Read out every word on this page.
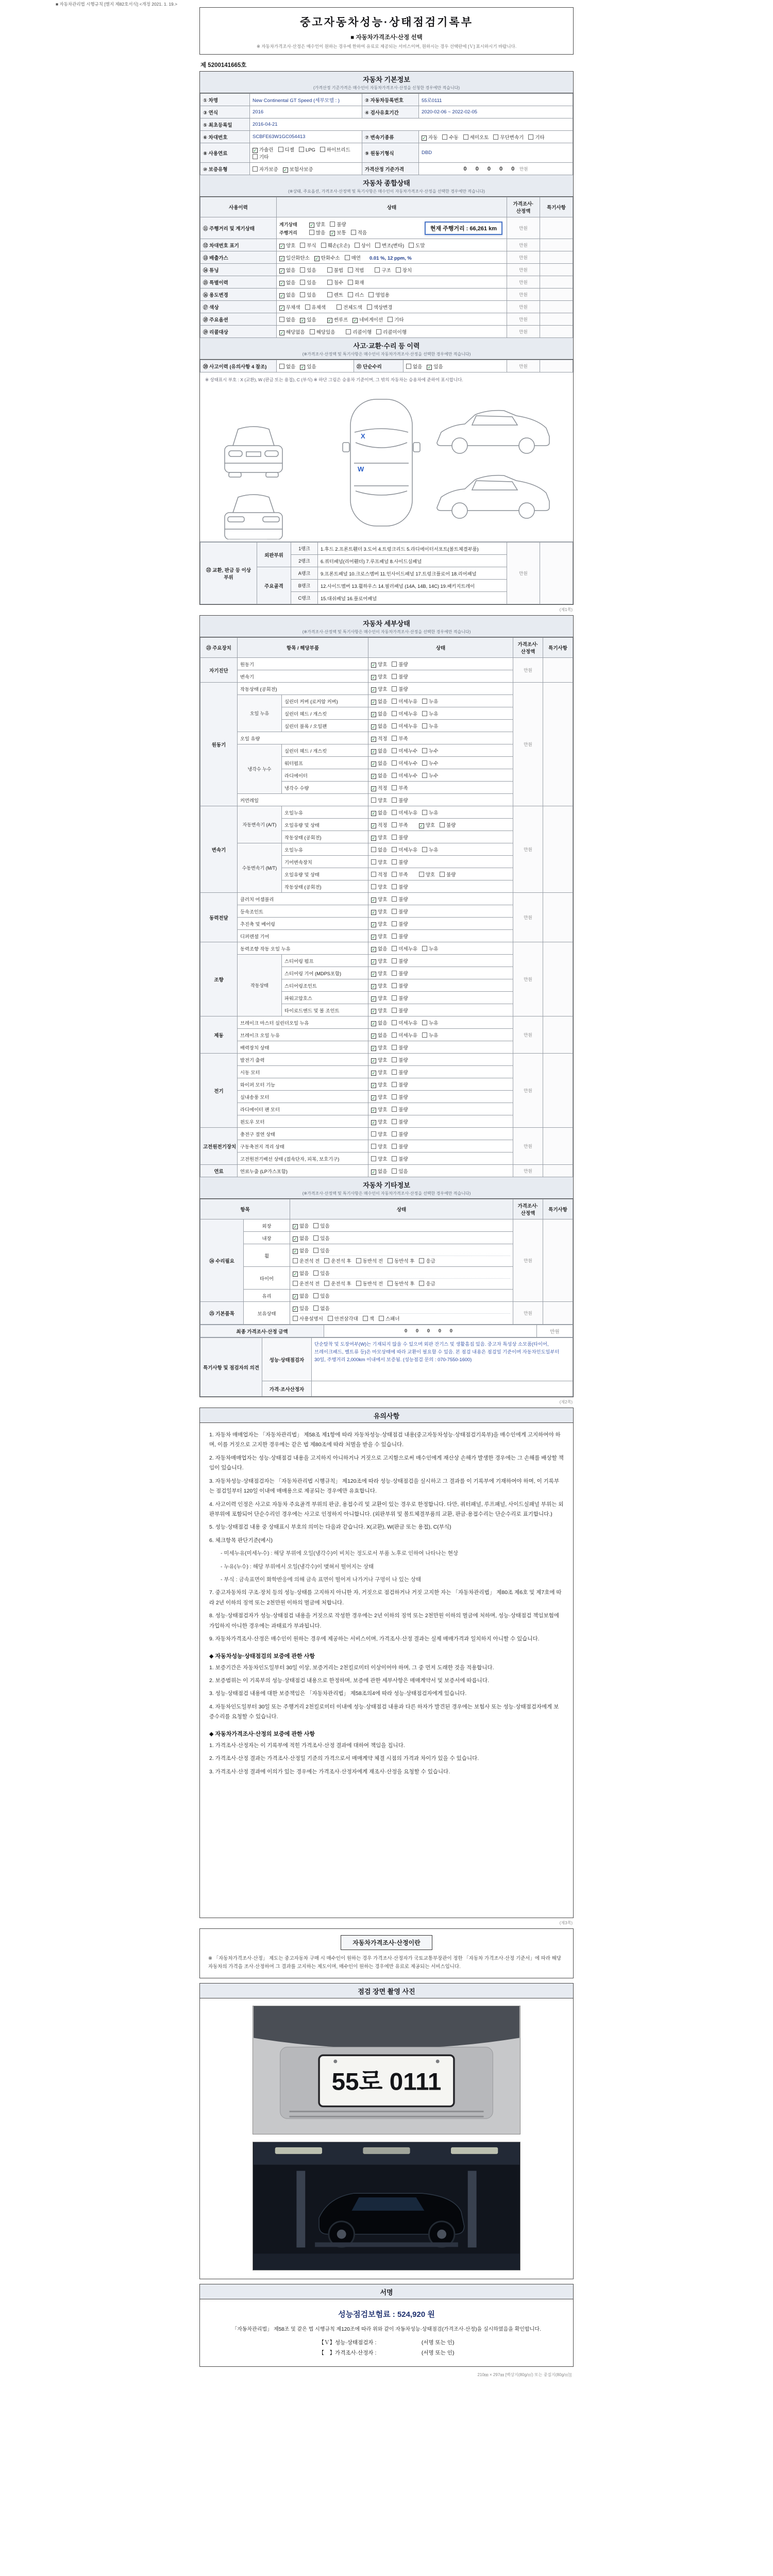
■ 자동차관리법 시행규칙 [별지 제82호서식] <개정 2021. 1. 19.>
중고자동차성능·상태점검기록부
■ 자동차가격조사·산정 선택
※ 자동차가격조사·산정은 매수인이 원하는 경우에 한하여 유료로 제공되는 서비스이며, 원하시는 경우 선택란에 [Ｖ] 표시하시기 바랍니다.
제 5200141665호
자동차 기본정보
(가격산정 기준가격은 매수인이 자동차가격조사·산정을 신청한 경우에만 적습니다)
① 차명	New Continental GT Speed (세부모델 : )	② 자동차등록번호	55로0111
③ 연식	2016	④ 검사유효기간	2020-02-06 ~ 2022-02-05
⑤ 최초등록일	2016-04-21		
⑥ 차대번호	SCBFE63W1GC054413	⑦ 변속기종류	✓ 자동 수동 세미오토 무단변속기 기타
⑧ 사용연료	✓ 가솔린 디젤 LPG 하이브리드기타	⑨ 원동기형식	DBD
⑩ 보증유형	자가보증 ✓ 보험사보증	가격산정 기준가격	0 0 0 0 0 만원
자동차 종합상태
(※상태, 주요옵션, 가격조사·산정액 및 특기사항은 매수인이 자동차가격조사·산정을 선택한 경우에만 적습니다)
사용이력	상태	가격조사·산정액	특기사항
⑪ 주행거리 및 계기상태	계기상태 ✓ 양호 불량
주행거리 많음 ✓ 보통 적음
현재 주행거리 : 66,261 km	만원	
⑫ 차대번호 표기	✓ 양호 부식 훼손(오손) 상이 변조(변타) 도말	만원	
⑬ 배출가스	✓ 일산화탄소 ✓ 탄화수소 매연 0.01 %, 12 ppm, %	만원	
⑭ 튜닝	✓ 없음 있음 불법 적법 구조 장치	만원	
⑮ 특별이력	✓ 없음 있음 침수 화재	만원	
⑯ 용도변경	✓ 없음 있음 렌트 리스 영업용	만원	
⑰ 색상	✓ 무채색 유채색 전체도색 색상변경	만원	
⑱ 주요옵션	없음 ✓ 있음 ✓ 썬루프 ✓ 네비게이션 기타	만원	
⑲ 리콜대상	✓ 해당없음 해당있음 리콜이행 리콜미이행	만원	
사고·교환·수리 등 이력
(※가격조사·산정액 및 특기사항은 매수인이 자동차가격조사·산정을 선택한 경우에만 적습니다)
⑳ 사고이력 (유의사항 4 참조)	없음 ✓ 있음	㉑ 단순수리	없음 ✓ 있음	만원	
※ 상태표시 부호 : X (교환), W (판금 또는 용접), C (부식) ※ 하단 그림은 승용차 기준이며, 그 밖의 자동차는 승용차에 준하여 표시합니다.
X
W
㉒ 교환, 판금 등 이상 부위	외판부위	1랭크	1.후드 2.프론트휀더 3.도어 4.트렁크리드 5.라디에이터서포트(볼트체결부품)	만원	
		2랭크	6.쿼터패널(리어휀더) 7.루프패널 8.사이드실패널		
	주요골격	A랭크	9.프론트패널 10.크로스멤버 11.인사이드패널 17.트렁크플로어 18.리어패널		
		B랭크	12.사이드멤버 13.휠하우스 14.필러패널 (14A, 14B, 14C) 19.패키지트레이		
		C랭크	15.대쉬패널 16.플로어패널		
(제1쪽)
자동차 세부상태
(※가격조사·산정액 및 특기사항은 매수인이 자동차가격조사·산정을 선택한 경우에만 적습니다)
㉓ 주요장치	항목 / 해당부품		상태	가격조사·산정액	특기사항
자기진단	원동기		✓ 양호 불량	만원	
	변속기		✓ 양호 불량		
원동기	작동상태 (공회전)		✓ 양호 불량	만원	
	오일 누유	실린더 커버 (로커암 커버)	✓ 없음 미세누유 누유		
		실린더 헤드 / 개스킷	✓ 없음 미세누유 누유		
		실린더 블록 / 오일팬	✓ 없음 미세누유 누유		
	오일 유량		✓ 적정 부족		
	냉각수 누수	실린더 헤드 / 개스킷	✓ 없음 미세누수 누수		
		워터펌프	✓ 없음 미세누수 누수		
		라디에이터	✓ 없음 미세누수 누수		
		냉각수 수량	✓ 적정 부족		
	커먼레일		양호 불량		
변속기	자동변속기 (A/T)	오일누유	✓ 없음 미세누유 누유	만원	
		오일유량 및 상태	✓ 적정 부족 ✓ 양호 불량		
		작동상태 (공회전)	✓ 양호 불량		
	수동변속기 (M/T)	오일누유	없음 미세누유 누유		
		기어변속장치	양호 불량		
		오일유량 및 상태	적정 부족 양호 불량		
		작동상태 (공회전)	양호 불량		
동력전달	클러치 어셈블리		✓ 양호 불량	만원	
	등속조인트		✓ 양호 불량		
	추진축 및 베어링		✓ 양호 불량		
	디퍼렌셜 기어		✓ 양호 불량		
조향	동력조향 작동 오일 누유		✓ 없음 미세누유 누유	만원	
	작동상태	스티어링 펌프	✓ 양호 불량		
		스티어링 기어 (MDPS포함)	✓ 양호 불량		
		스티어링조인트	✓ 양호 불량		
		파워고압호스	✓ 양호 불량		
		타이로드엔드 및 볼 조인트	✓ 양호 불량		
제동	브레이크 마스터 실린더오일 누유		✓ 없음 미세누유 누유	만원	
	브레이크 오일 누유		✓ 없음 미세누유 누유		
	배력장치 상태		✓ 양호 불량		
전기	발전기 출력		✓ 양호 불량	만원	
	시동 모터		✓ 양호 불량		
	와이퍼 모터 기능		✓ 양호 불량		
	실내송풍 모터		✓ 양호 불량		
	라디에이터 팬 모터		✓ 양호 불량		
	윈도우 모터		✓ 양호 불량		
고전원전기장치	충전구 절연 상태		양호 불량	만원	
	구동축전지 격리 상태		양호 불량		
	고전원전기배선 상태 (접속단자, 피복, 보호기구)		양호 불량		
연료	연료누출 (LP가스포함)		✓ 없음 있음	만원	
자동차 기타정보
(※가격조사·산정액 및 특기사항은 매수인이 자동차가격조사·산정을 선택한 경우에만 적습니다)
항목		상태	가격조사·산정액	특기사항
㉔ 수리필요	외장	✓ 없음 있음	만원	
	내장	✓ 없음 있음		
	휠	✓ 없음 있음
운전석 전 운전석 후 동반석 전 동반석 후 응급		

	타이어	✓ 없음 있음
운전석 전 운전석 후 동반석 전 동반석 후 응급		

	유리	✓ 없음 있음		
㉕ 기본품목	보유상태	✓ 있음 없음
사용설명서 안전삼각대 잭 스패너	만원	
최종 가격조사·산정 금액	0 0 0 0 0	만원
특기사항 및 점검자의 의견	성능·상태점검자	단순탈착 및 도장여부(W)는 기재되지 않을 수 있으며 외판 잔기스 및 생활흠집 있음. 중고차 특성상 소모품(타이어, 브레이크패드, 벨트류 등)은 마모상태에 따라 교환이 필요할 수 있음. 본 점검 내용은 점검일 기준이며 자동차인도일부터 30일, 주행거리 2,000km 이내에서 보증됨. (성능점검 문의 : 070-7550-1600)
	가격·조사산정자	
(제2쪽)
유의사항
1. 자동차 매매업자는 「자동차관리법」 제58조 제1항에 따라 자동차성능·상태점검 내용(중고자동차성능·상태점검기록부)을 매수인에게 고지하여야 하며, 이를 거짓으로 고지한 경우에는 같은 법 제80조에 따라 처벌을 받을 수 있습니다.
2. 자동차매매업자는 성능·상태점검 내용을 고지하지 아니하거나 거짓으로 고지함으로써 매수인에게 재산상 손해가 발생한 경우에는 그 손해를 배상할 책임이 있습니다.
3. 자동차성능·상태점검자는 「자동차관리법 시행규칙」 제120조에 따라 성능·상태점검을 실시하고 그 결과를 이 기록부에 기재하여야 하며, 이 기록부는 점검일부터 120일 이내에 매매용으로 제공되는 경우에만 유효합니다.
4. 사고이력 인정은 사고로 자동차 주요골격 부위의 판금, 용접수리 및 교환이 있는 경우로 한정합니다. 다만, 쿼터패널, 루프패널, 사이드실패널 부위는 외판부위에 포함되어 단순수리인 경우에는 사고로 인정하지 아니합니다. (외판부위 및 볼트체결부품의 교환, 판금·용접수리는 단순수리로 표기합니다.)
5. 성능·상태점검 내용 중 상태표시 부호의 의미는 다음과 같습니다. X(교환), W(판금 또는 용접), C(부식)
6. 체크항목 판단기준(예시)
- 미세누유(미세누수) : 해당 부위에 오일(냉각수)이 비치는 정도로서 부품 노후로 인하여 나타나는 현상
- 누유(누수) : 해당 부위에서 오일(냉각수)이 맺혀서 떨어지는 상태
- 부식 : 금속표면이 화학반응에 의해 금속 표면이 떨어져 나가거나 구멍이 나 있는 상태
7. 중고자동차의 구조·장치 등의 성능·상태를 고지하지 아니한 자, 거짓으로 점검하거나 거짓 고지한 자는 「자동차관리법」 제80조 제6호 및 제7호에 따라 2년 이하의 징역 또는 2천만원 이하의 벌금에 처합니다.
8. 성능·상태점검자가 성능·상태점검 내용을 거짓으로 작성한 경우에는 2년 이하의 징역 또는 2천만원 이하의 벌금에 처하며, 성능·상태점검 책임보험에 가입하지 아니한 경우에는 과태료가 부과됩니다.
9. 자동차가격조사·산정은 매수인이 원하는 경우에 제공하는 서비스이며, 가격조사·산정 결과는 실제 매매가격과 일치하지 아니할 수 있습니다.
◆ 자동차성능·상태점검의 보증에 관한 사항
1. 보증기간은 자동차인도일부터 30일 이상, 보증거리는 2천킬로미터 이상이어야 하며, 그 중 먼저 도래한 것을 적용합니다.
2. 보증범위는 이 기록부의 성능·상태점검 내용으로 한정하며, 보증에 관한 세부사항은 매매계약서 및 보증서에 따릅니다.
3. 성능·상태점검 내용에 대한 보증책임은 「자동차관리법」 제58조의4에 따라 성능·상태점검자에게 있습니다.
4. 자동차인도일부터 30일 또는 주행거리 2천킬로미터 이내에 성능·상태점검 내용과 다른 하자가 발견된 경우에는 보험사 또는 성능·상태점검자에게 보증수리를 요청할 수 있습니다.
◆ 자동차가격조사·산정의 보증에 관한 사항
1. 가격조사·산정자는 이 기록부에 적힌 가격조사·산정 결과에 대하여 책임을 집니다.
2. 가격조사·산정 결과는 가격조사·산정일 기준의 가격으로서 매매계약 체결 시점의 가격과 차이가 있을 수 있습니다.
3. 가격조사·산정 결과에 이의가 있는 경우에는 가격조사·산정자에게 재조사·산정을 요청할 수 있습니다.
(제3쪽)
자동차가격조사·산정이란
※ 「자동차가격조사·산정」 제도는 중고자동차 구매 시 매수인이 원하는 경우 가격조사·산정자가 국토교통부장관이 정한 「자동차 가격조사·산정 기준서」에 따라 해당 자동차의 가격을 조사·산정하여 그 결과를 고지하는 제도이며, 매수인이 원하는 경우에만 유료로 제공되는 서비스입니다.
점검 장면 촬영 사진
55로 0111
서명
성능점검보험료 : 524,920 원
「자동차관리법」 제58조 및 같은 법 시행규칙 제120조에 따라 위와 같이 자동차성능·상태점검(가격조사·산정)을 실시하였음을 확인합니다.
【Ｖ】성능·상태점검자 :                              (서명 또는 인)
【　】가격조사·산정자 :                              (서명 또는 인)
210㎜ × 297㎜ [백상지(80g/㎡) 또는 중질지(80g/㎡)]
